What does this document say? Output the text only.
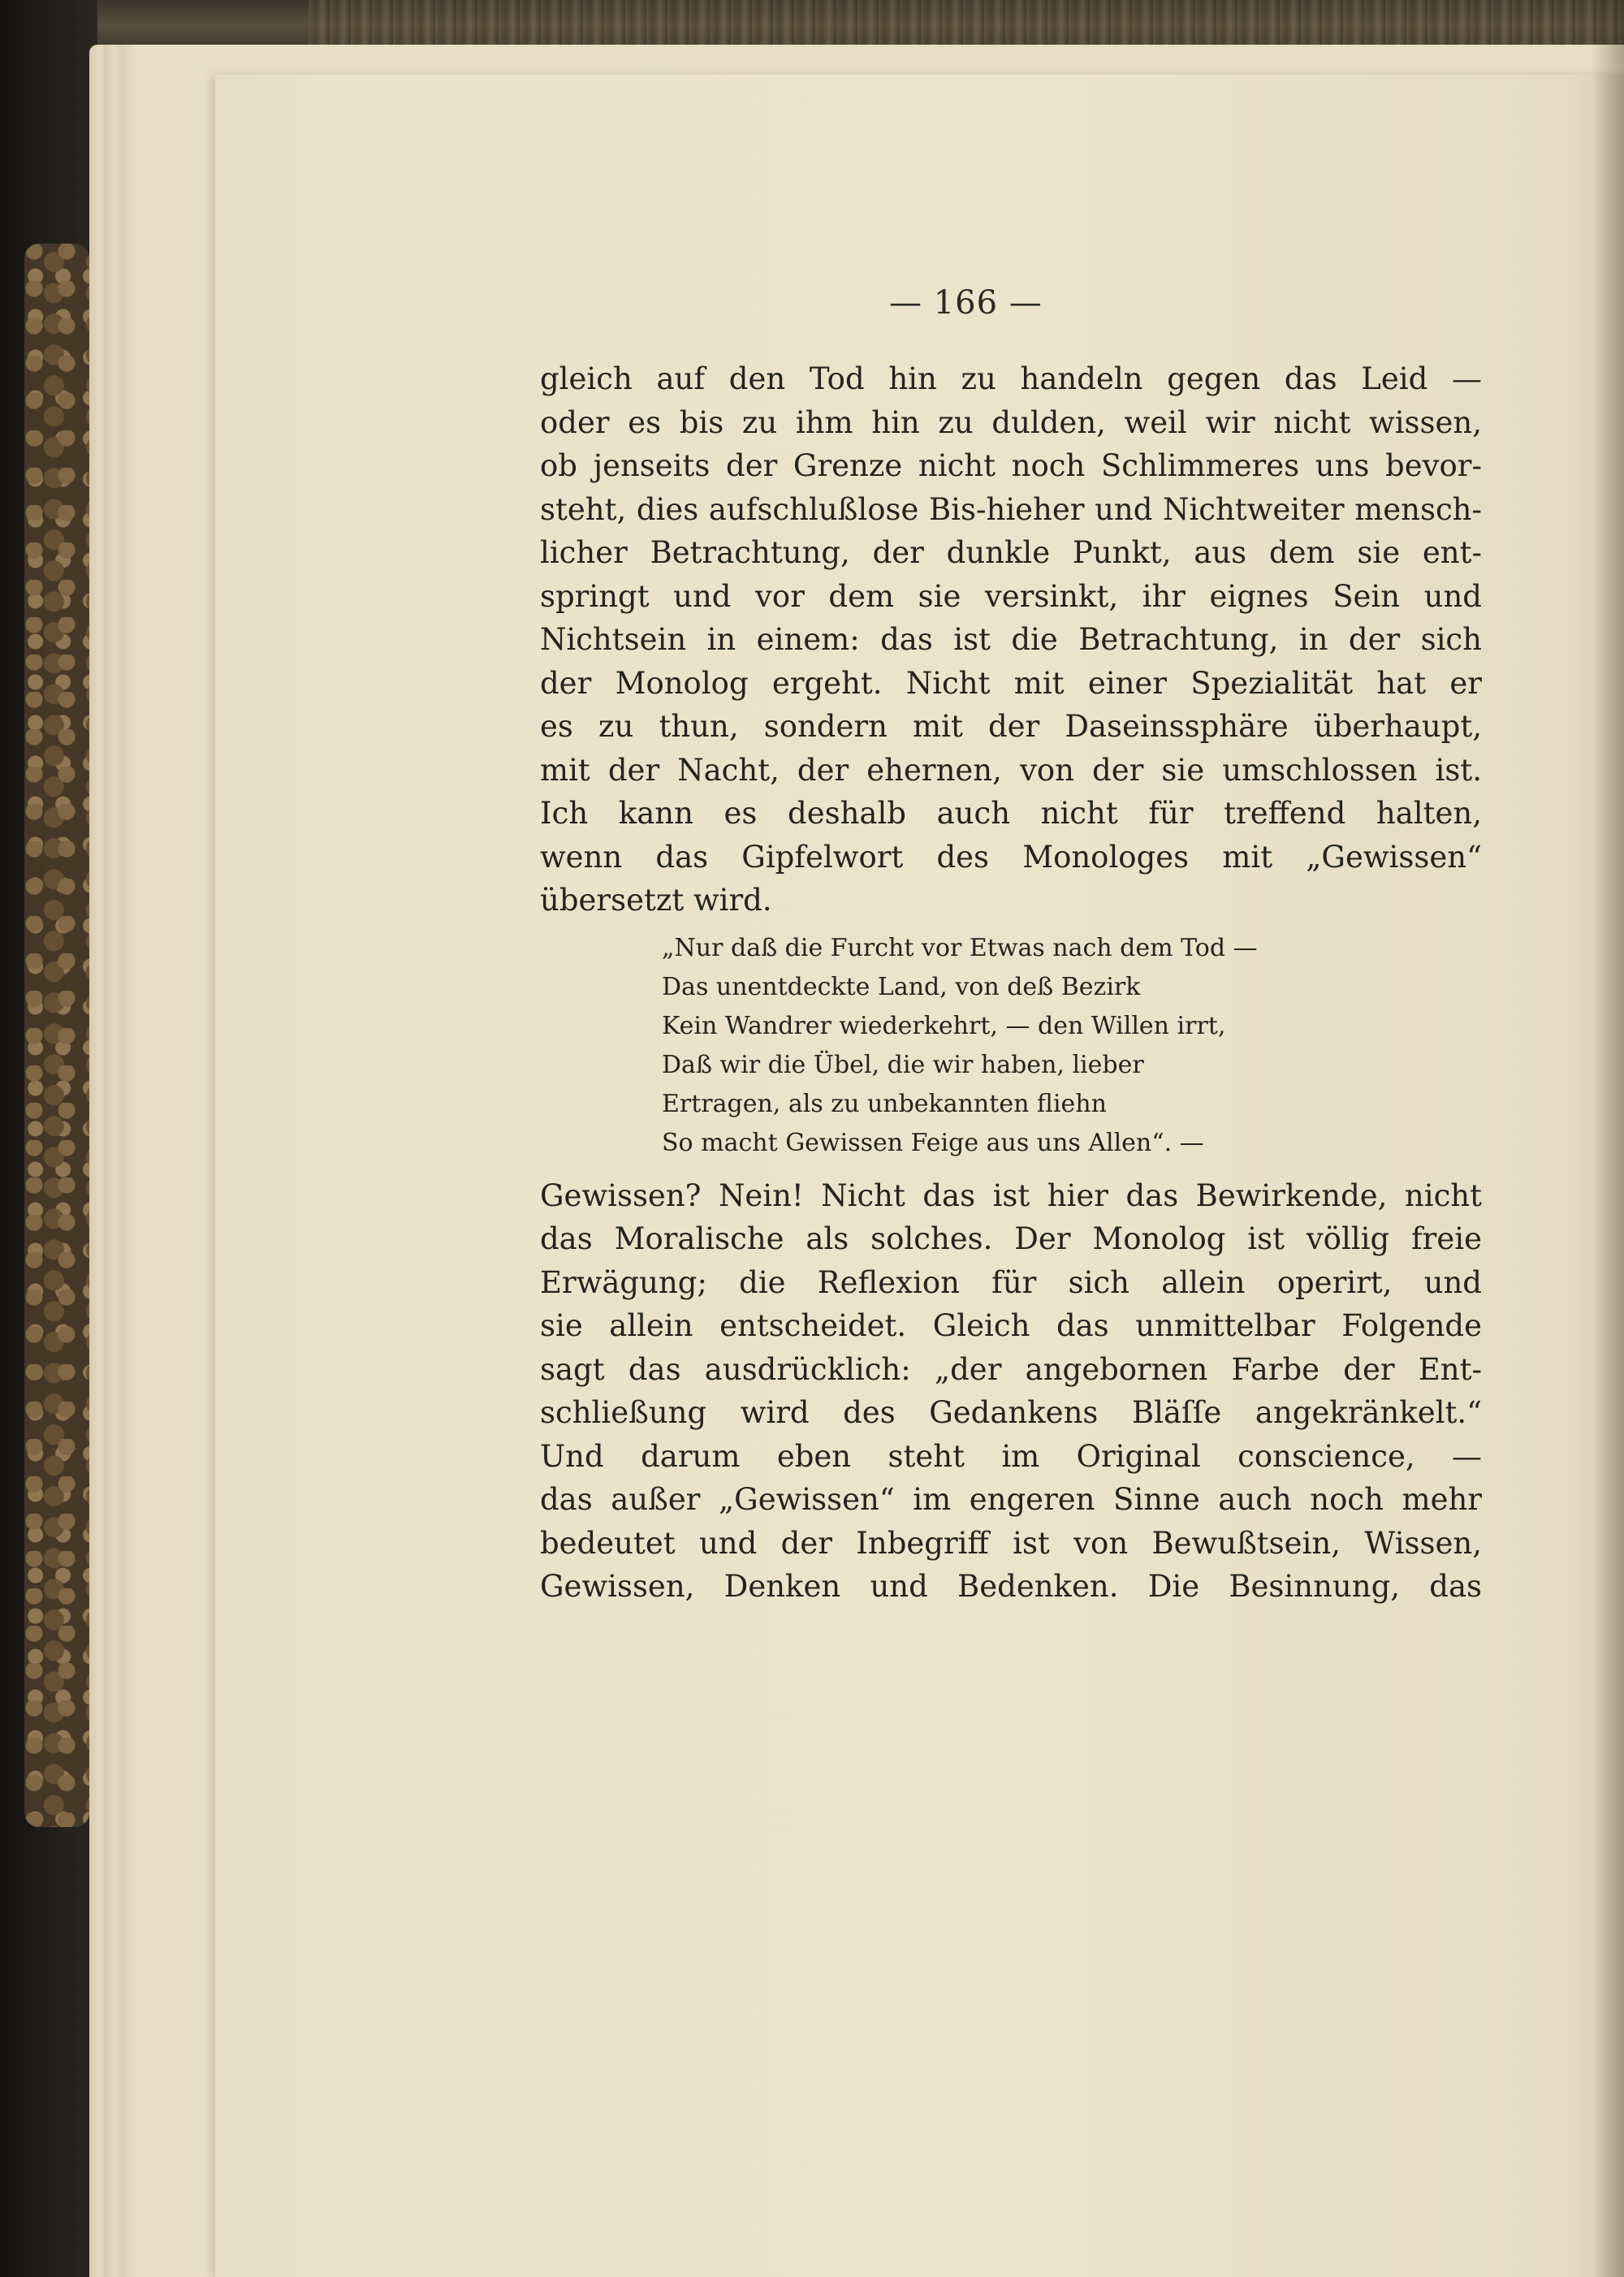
— 166 —
gleich auf den Tod hin zu handeln gegen das Leid —
oder es bis zu ihm hin zu dulden, weil wir nicht wissen,
ob jenseits der Grenze nicht noch Schlimmeres uns bevor-
steht, dies aufschlußlose Bis-hieher und Nichtweiter mensch-
licher Betrachtung, der dunkle Punkt, aus dem sie ent-
springt und vor dem sie versinkt, ihr eignes Sein und
Nichtsein in einem: das ist die Betrachtung, in der sich
der Monolog ergeht. Nicht mit einer Spezialität hat er
es zu thun, sondern mit der Daseinssphäre überhaupt,
mit der Nacht, der ehernen, von der sie umschlossen ist.
Ich kann es deshalb auch nicht für treffend halten,
wenn das Gipfelwort des Monologes mit „Gewissen“
übersetzt wird.
„Nur daß die Furcht vor Etwas nach dem Tod —
Das unentdeckte Land, von deß Bezirk
Kein Wandrer wiederkehrt, — den Willen irrt,
Daß wir die Übel, die wir haben, lieber
Ertragen, als zu unbekannten fliehn
So macht Gewissen Feige aus uns Allen“. —
Gewissen? Nein! Nicht das ist hier das Bewirkende, nicht
das Moralische als solches. Der Monolog ist völlig freie
Erwägung; die Reflexion für sich allein operirt, und
sie allein entscheidet. Gleich das unmittelbar Folgende
sagt das ausdrücklich: „der angebornen Farbe der Ent-
schließung wird des Gedankens Bläſſe angekränkelt.“
Und darum eben steht im Original conscience, —
das außer „Gewissen“ im engeren Sinne auch noch mehr
bedeutet und der Inbegriff ist von Bewußtsein, Wissen,
Gewissen, Denken und Bedenken. Die Besinnung, das
